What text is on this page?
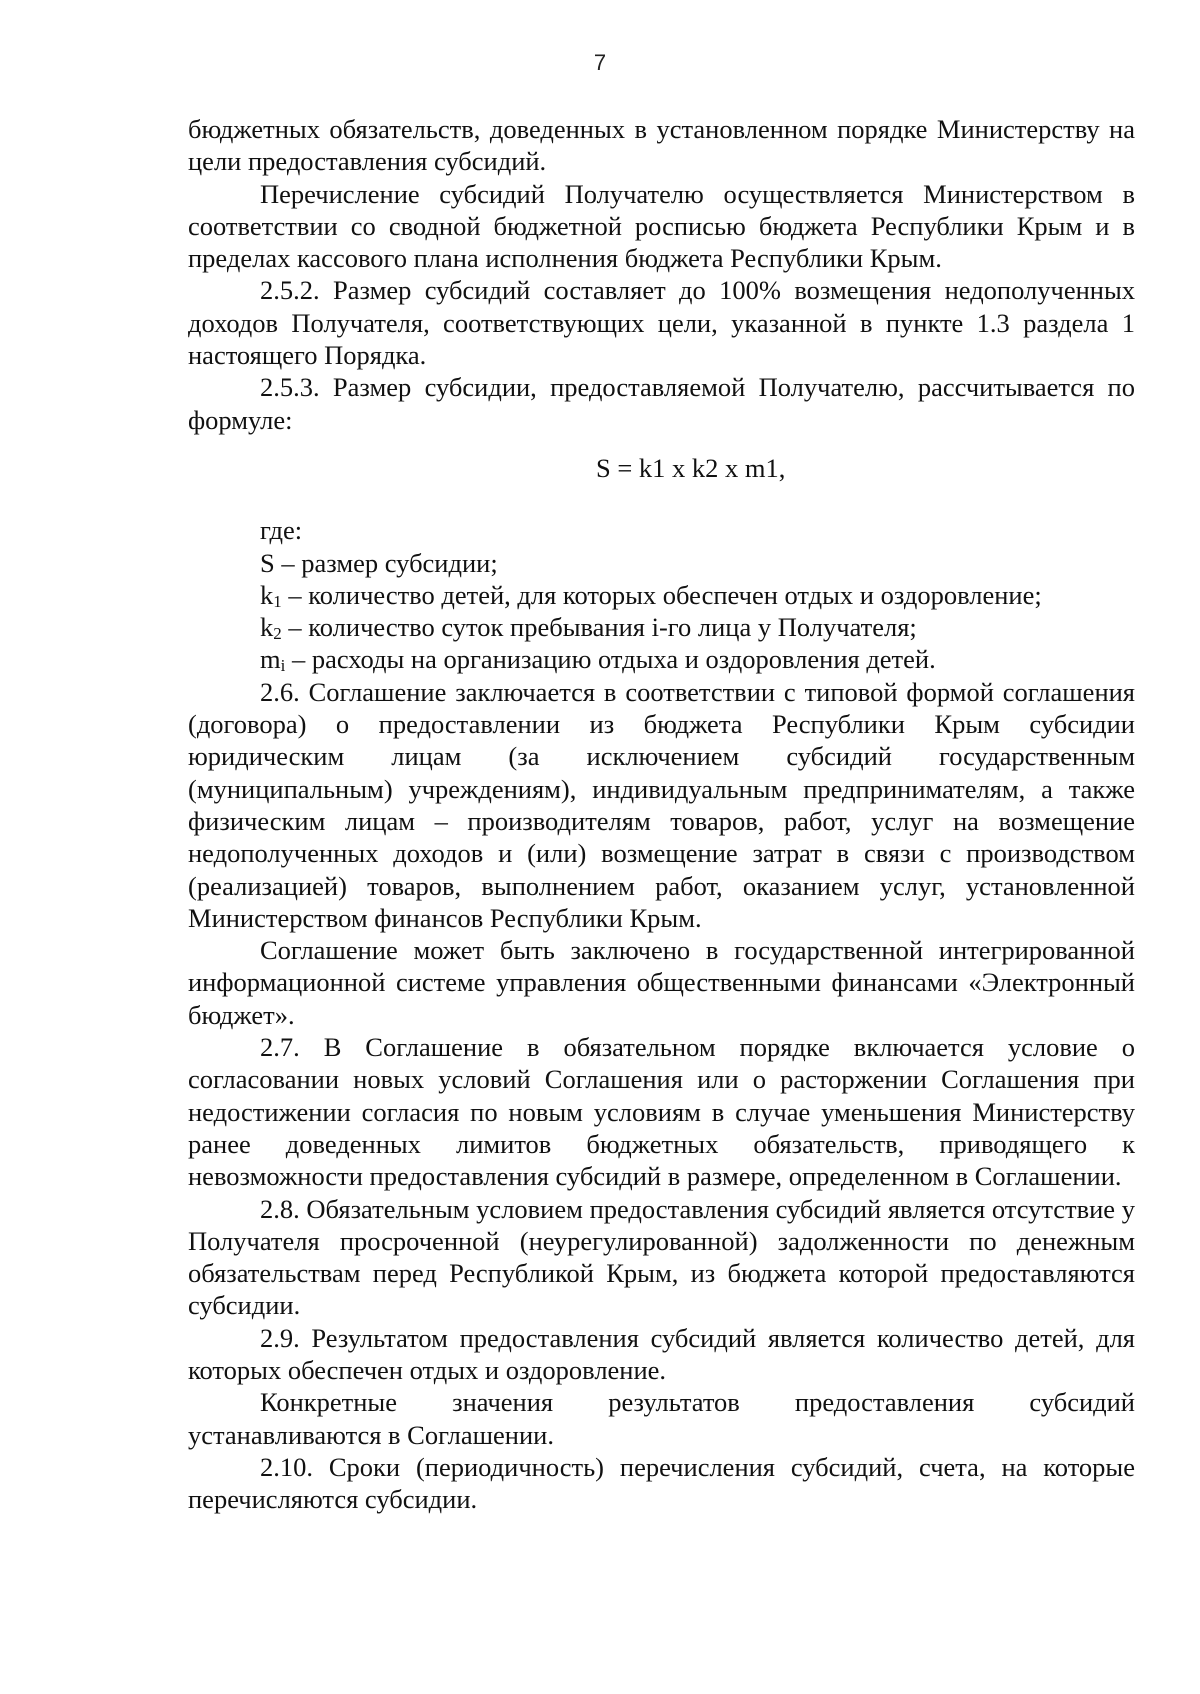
7

бюджетных обязательств, доведенных в установленном порядке Министерству на цели предоставления субсидий.

Перечисление субсидий Получателю осуществляется Министерством в соответствии со сводной бюджетной росписью бюджета Республики Крым и в пределах кассового плана исполнения бюджета Республики Крым.

2.5.2. Размер субсидий составляет до 100% возмещения недополученных доходов Получателя, соответствующих цели, указанной в пункте 1.3 раздела 1 настоящего Порядка.

2.5.3. Размер субсидии, предоставляемой Получателю, рассчитывается по формуле:

S = k1 x k2 x m1,

где:

S – размер субсидии;

$k_1$ – количество детей, для которых обеспечен отдых и оздоровление;

$k_2$ – количество суток пребывания i-го лица у Получателя;

$m_i$ – расходы на организацию отдыха и оздоровления детей.

2.6. Соглашение заключается в соответствии с типовой формой соглашения (договора) о предоставлении из бюджета Республики Крым субсидии юридическим лицам (за исключением субсидий государственным (муниципальным) учреждениям), индивидуальным предпринимателям, а также физическим лицам – производителям товаров, работ, услуг на возмещение недополученных доходов и (или) возмещение затрат в связи с производством (реализацией) товаров, выполнением работ, оказанием услуг, установленной Министерством финансов Республики Крым.

Соглашение может быть заключено в государственной интегрированной информационной системе управления общественными финансами «Электронный бюджет».

2.7. В Соглашение в обязательном порядке включается условие о согласовании новых условий Соглашения или о расторжении Соглашения при недостижении согласия по новым условиям в случае уменьшения Министерству ранее доведенных лимитов бюджетных обязательств, приводящего к невозможности предоставления субсидий в размере, определенном в Соглашении.

2.8. Обязательным условием предоставления субсидий является отсутствие у Получателя просроченной (неурегулированной) задолженности по денежным обязательствам перед Республикой Крым, из бюджета которой предоставляются субсидии.

2.9. Результатом предоставления субсидий является количество детей, для которых обеспечен отдых и оздоровление.

Конкретные значения результатов предоставления субсидий устанавливаются в Соглашении.

2.10. Сроки (периодичность) перечисления субсидий, счета, на которые перечисляются субсидии.
